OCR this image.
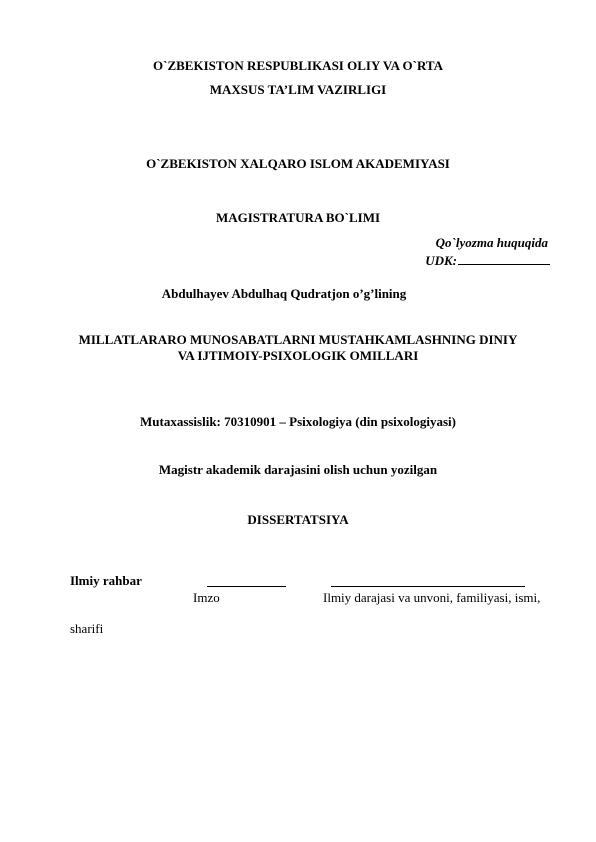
O`ZBEKISTON RESPUBLIKASI OLIY VA O`RTA
MAXSUS TA’LIM VAZIRLIGI
O`ZBEKISTON XALQARO ISLOM AKADEMIYASI
MAGISTRATURA BO`LIMI
Qo`lyozma huquqida
UDK:
Abdulhayev Abdulhaq Qudratjon o’g’lining
MILLATLARARO MUNOSABATLARNI MUSTAHKAMLASHNING DINIY
VA IJTIMOIY-PSIXOLOGIK OMILLARI
Mutaxassislik: 70310901 – Psixologiya (din psixologiyasi)
Magistr akademik darajasini olish uchun yozilgan
DISSERTATSIYA
Ilmiy rahbar
Imzo	Ilmiy darajasi va unvoni, familiyasi, ismi,
sharifi
